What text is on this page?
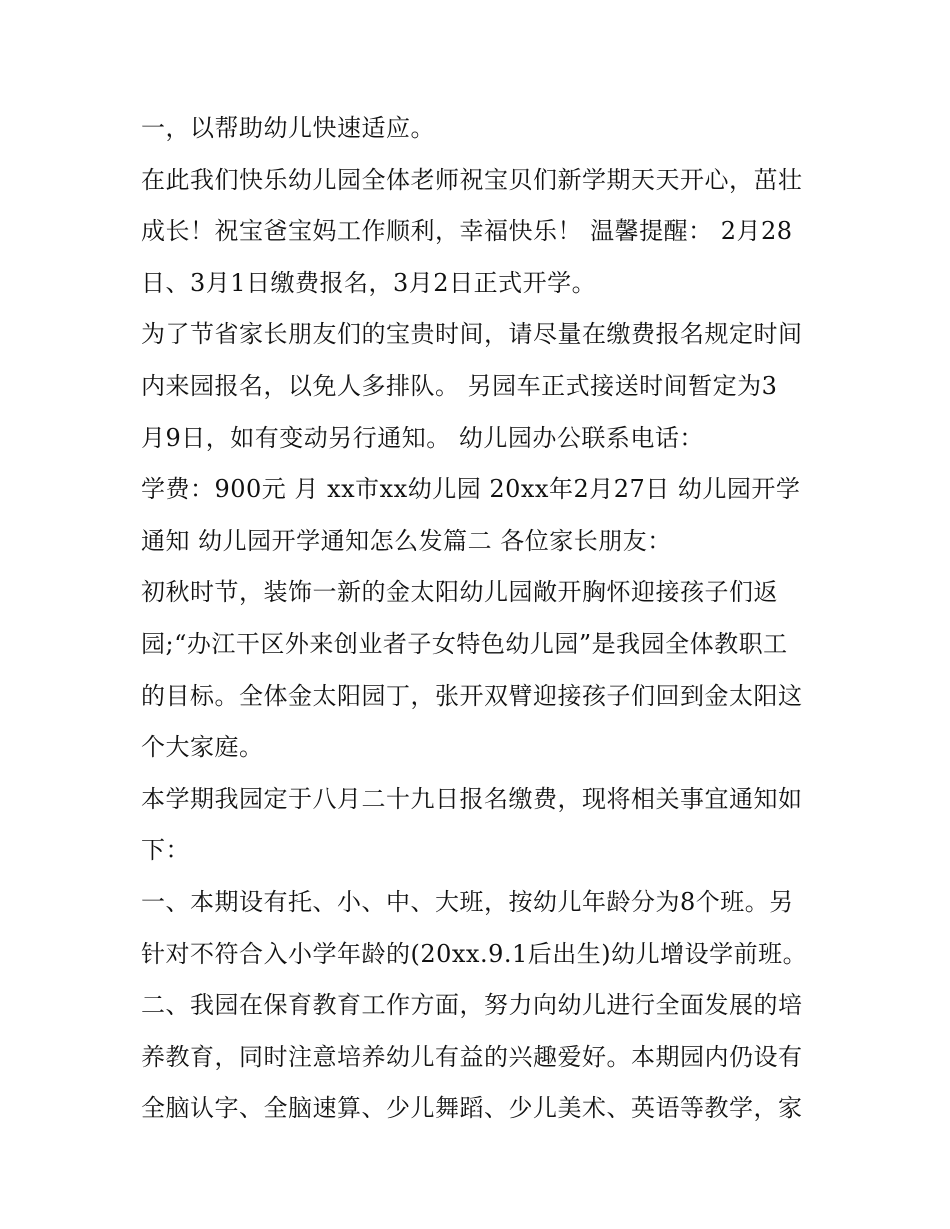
一，以帮助幼儿快速适应。
在此我们快乐幼儿园全体老师祝宝贝们新学期天天开心，茁壮
成长！祝宝爸宝妈工作顺利，幸福快乐！ 温馨提醒： 2月28
日、3月1日缴费报名，3月2日正式开学。
为了节省家长朋友们的宝贵时间，请尽量在缴费报名规定时间
内来园报名，以免人多排队。 另园车正式接送时间暂定为3
月9日，如有变动另行通知。 幼儿园办公联系电话：
学费：900元 月 xx市xx幼儿园 20xx年2月27日 幼儿园开学
通知 幼儿园开学通知怎么发篇二 各位家长朋友：
初秋时节，装饰一新的金太阳幼儿园敞开胸怀迎接孩子们返
园;“办江干区外来创业者子女特色幼儿园”是我园全体教职工
的目标。全体金太阳园丁，张开双臂迎接孩子们回到金太阳这
个大家庭。
本学期我园定于八月二十九日报名缴费，现将相关事宜通知如
下：
一、本期设有托、小、中、大班，按幼儿年龄分为8个班。另
针对不符合入小学年龄的(20xx.9.1后出生)幼儿增设学前班。
二、我园在保育教育工作方面，努力向幼儿进行全面发展的培
养教育，同时注意培养幼儿有益的兴趣爱好。本期园内仍设有
全脑认字、全脑速算、少儿舞蹈、少儿美术、英语等教学，家
